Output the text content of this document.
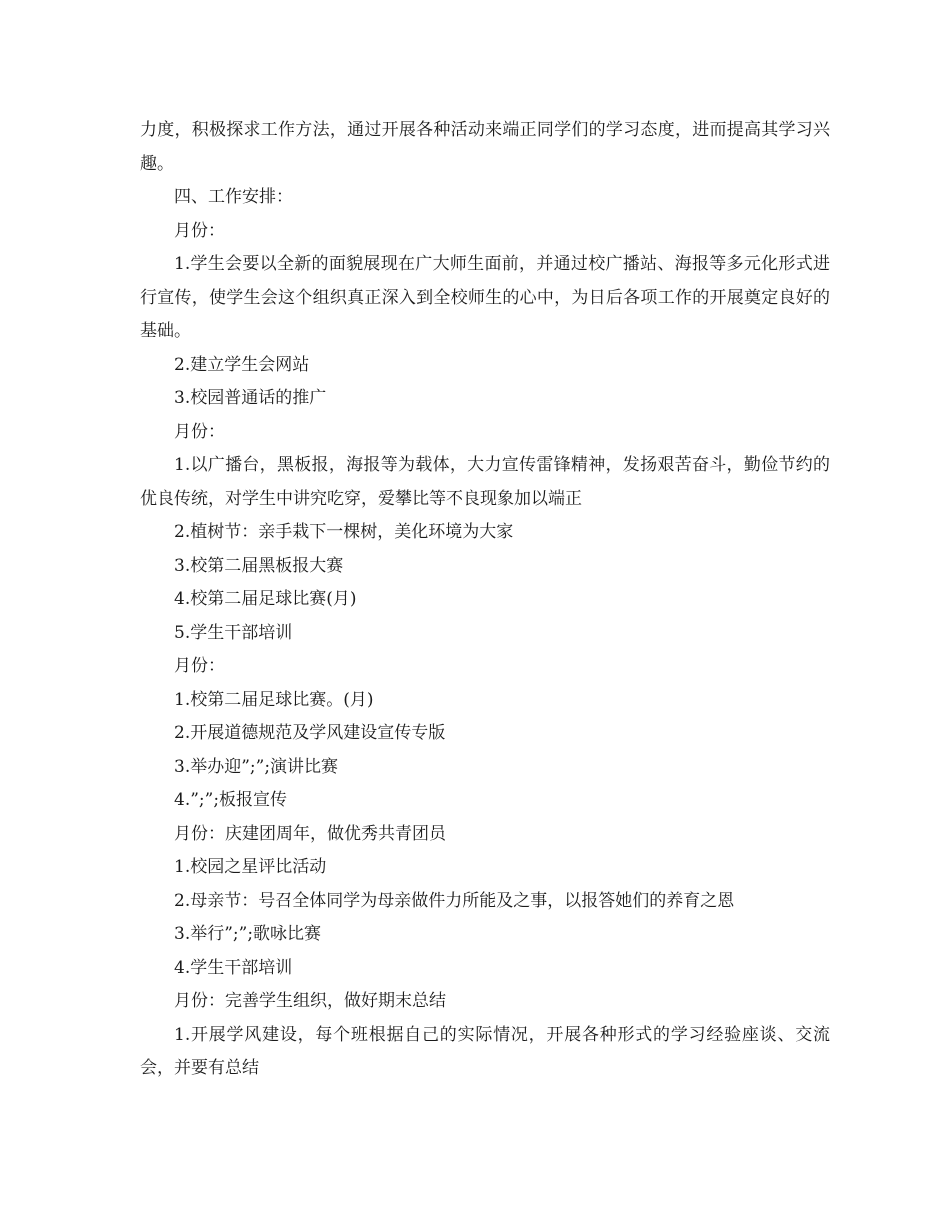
力度，积极探求工作方法，通过开展各种活动来端正同学们的学习态度，进而提高其学习兴趣。

四、工作安排：

月份：

1.学生会要以全新的面貌展现在广大师生面前，并通过校广播站、海报等多元化形式进行宣传，使学生会这个组织真正深入到全校师生的心中，为日后各项工作的开展奠定良好的基础。

2.建立学生会网站

3.校园普通话的推广

月份：

1.以广播台，黑板报，海报等为载体，大力宣传雷锋精神，发扬艰苦奋斗，勤俭节约的优良传统，对学生中讲究吃穿，爱攀比等不良现象加以端正

2.植树节：亲手栽下一棵树，美化环境为大家

3.校第二届黑板报大赛

4.校第二届足球比赛(月)

5.学生干部培训

月份：

1.校第二届足球比赛。(月)

2.开展道德规范及学风建设宣传专版

3.举办迎”;”;演讲比赛

4.”;”;板报宣传

月份：庆建团周年，做优秀共青团员

1.校园之星评比活动

2.母亲节：号召全体同学为母亲做件力所能及之事，以报答她们的养育之恩

3.举行”;”;歌咏比赛

4.学生干部培训

月份：完善学生组织，做好期末总结

1.开展学风建设，每个班根据自己的实际情况，开展各种形式的学习经验座谈、交流会，并要有总结
